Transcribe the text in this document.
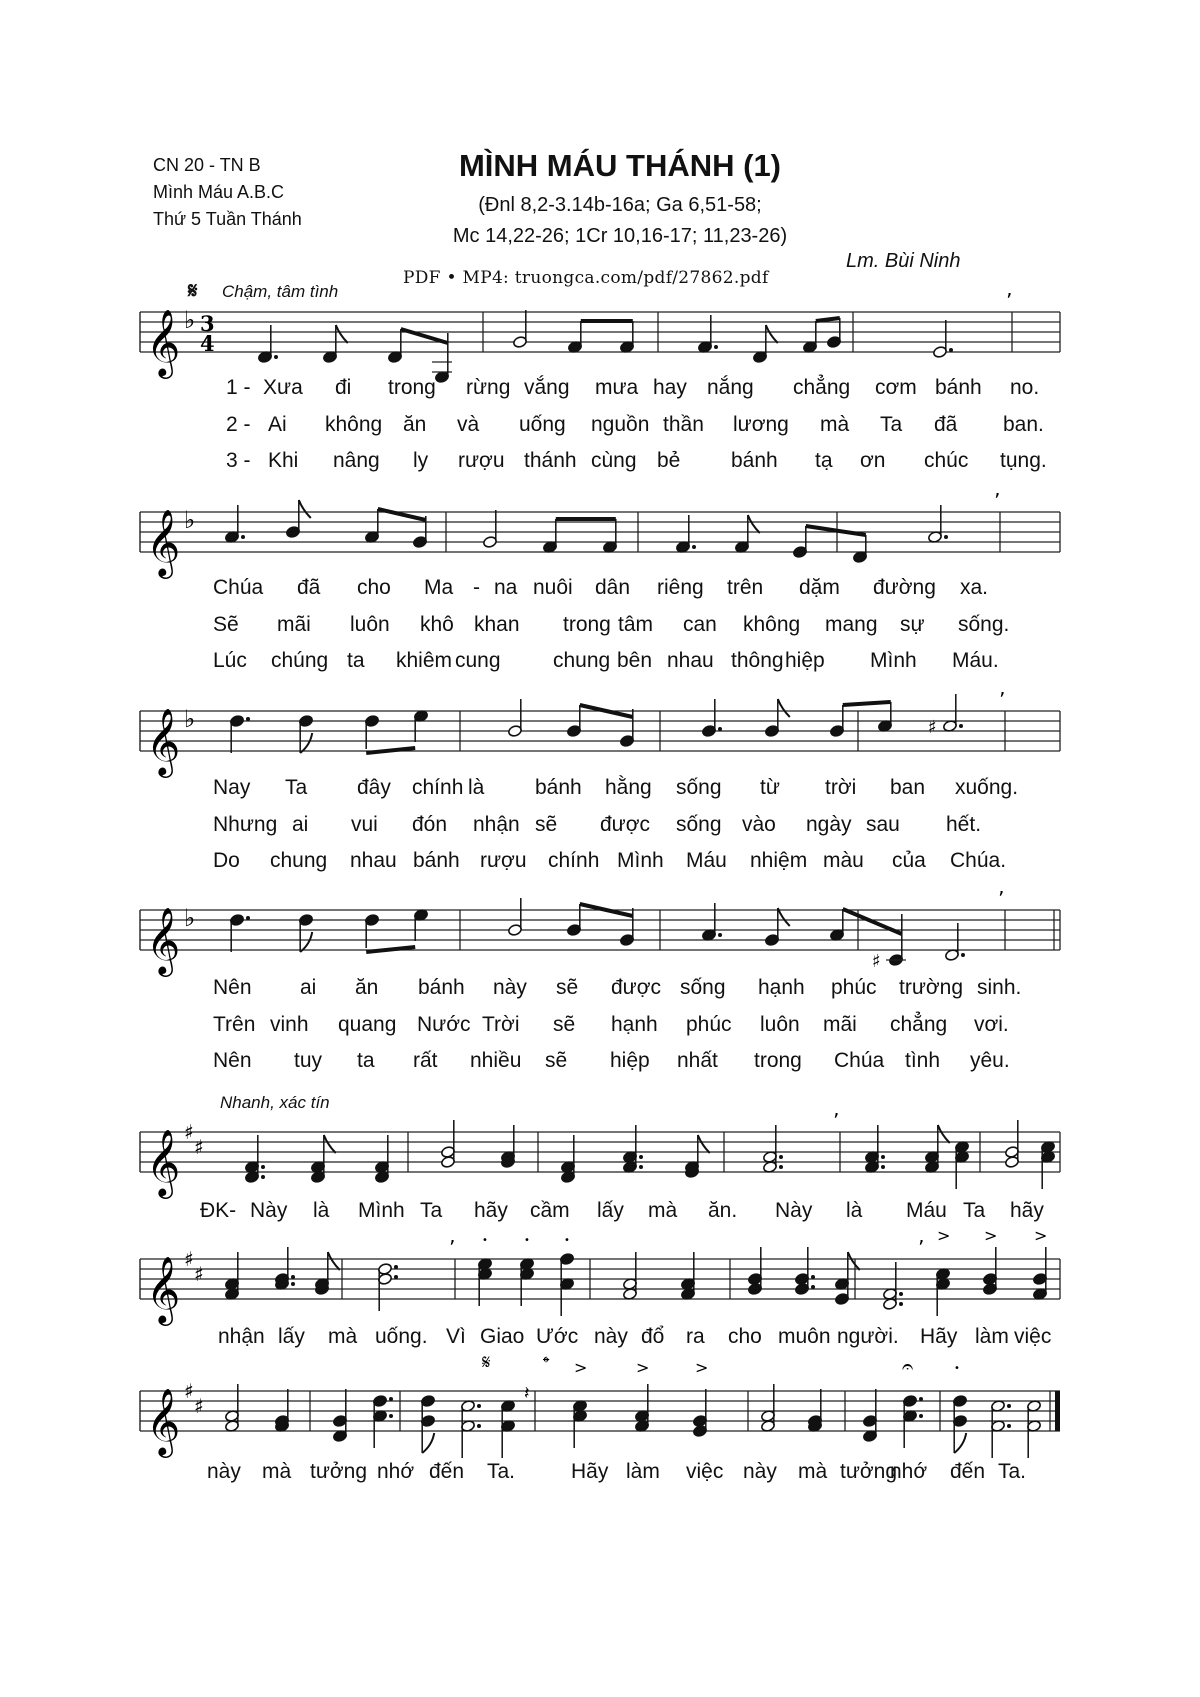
CN 20 - TN B
Mình Máu A.B.C
Thứ 5 Tuần Thánh
MÌNH MÁU THÁNH (1)
(Đnl 8,2-3.14b-16a; Ga 6,51-58;
Mc 14,22-26; 1Cr 10,16-17; 11,23-26)
Lm. Bùi Ninh
PDF • MP4: truongca.com/pdf/27862.pdf
𝄋 Chậm, tâm tình
Nhanh, xác tín
𝄞 ♭ 3
4
’
𝄞 ♭
’
𝄞 ♭	♯
’
𝄞 ♭
♯
’
𝄞 ♯
♯
’
𝄞 ♯
♯
•	•	•	’
’
> > >
𝄞 ♯
♯
𝄋	𝄌 >	>	>	𝄐	•
𝄽
1 -
2 -
3 -
Xưa đi trong rừng vắng mưa hay nắng chẳng cơm bánh no.
Ai không ăn và uống nguồn thần lương mà Ta đã ban.
Khi nâng ly rượu thánh cùng bẻ bánh tạ ơn chúc tụng.
Chúa đã cho Ma - na nuôi dân riêng trên dặm đường xa.
Sẽ mãi luôn khô khan trong tâm can không mang sự sống.
Lúc chúng ta khiêm cung chung bên nhau thông hiệp Mình Máu.
Nay Ta đây chính là bánh hằng sống từ trời ban xuống.
Nhưng ai vui đón nhận sẽ được sống vào ngày sau hết.
Do chung nhau bánh rượu chính Mình Máu nhiệm màu của Chúa.
Nên ai ăn bánh này sẽ được sống hạnh phúc trường sinh.
Trên vinh quang Nước Trời sẽ hạnh phúc luôn mãi chẳng vơi.
Nên tuy ta rất nhiều sẽ hiệp nhất trong Chúa tình yêu.
ĐK- Này là Mình Ta hãy cầm lấy mà ăn. Này là Máu Ta hãy
nhận lấy mà uống. Vì Giao Ước này đổ ra cho muôn người. Hãy làm việc
này mà tưởng nhớ đến Ta.	Hãy làm việc này mà tưởng
nhớ đến Ta.
